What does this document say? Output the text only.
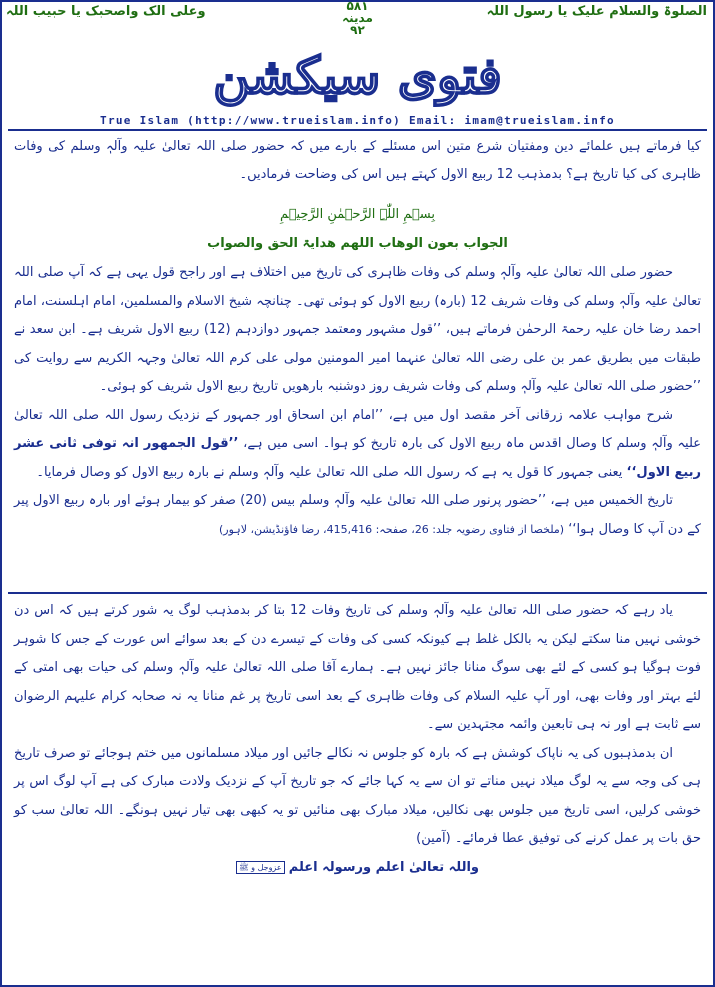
الصلوۃ والسلام علیک یا رسول اللہ
وعلی الک واصحبک یا حبیب اللہ	۵۸۱
مدینہ
۹۲
فتوی سیکشن
True Islam (http://www.trueislam.info) Email: imam@trueislam.info
کیا فرماتے ہیں علمائے دین ومفتیان شرع متین اس مسئلے کے بارے میں کہ حضور صلی اللہ تعالیٰ علیہ وآلہٖ وسلم کی وفات ظاہری کی کیا تاریخ ہے؟ بدمذہب 12 ربیع الاول کہتے ہیں اس کی وضاحت فرمادیں۔
بِسۡمِ اللّٰہِ الرَّحۡمٰنِ الرَّحِیۡمِ
الجواب بعون الوھاب اللھم ھدایۃ الحق والصواب

حضور صلی اللہ تعالیٰ علیہ وآلہٖ وسلم کی وفات ظاہری کی تاریخ میں اختلاف ہے اور راجح قول یہی ہے کہ آپ صلی اللہ تعالیٰ علیہ وآلہٖ وسلم کی وفات شریف 12 (بارہ) ربیع الاول کو ہوئی تھی۔ چنانچہ شیخ الاسلام والمسلمین، امام اہلسنت، امام احمد رضا خان علیہ رحمۃ الرحمٰن فرماتے ہیں، ’’قول مشہور ومعتمد جمہور دوازدہم (12) ربیع الاول شریف ہے۔ ابن سعد نے طبقات میں بطریق عمر بن علی رضی اللہ تعالیٰ عنہما امیر المومنین مولی علی کرم اللہ تعالیٰ وجہہ الکریم سے روایت کی ’’حضور صلی اللہ تعالیٰ علیہ وآلہٖ وسلم کی وفات شریف روز دوشنبہ بارھویں تاریخ ربیع الاول شریف کو ہوئی۔

شرح مواہب علامہ زرقانی آخر مقصد اول میں ہے، ’’امام ابن اسحاق اور جمہور کے نزدیک رسول اللہ صلی اللہ تعالیٰ علیہ وآلہٖ وسلم کا وصال اقدس ماہ ربیع الاول کی بارہ تاریخ کو ہوا۔ اسی میں ہے، ’’قول الجمھور انہ توفی ثانی عشر ربیع الاول‘‘ یعنی جمہور کا قول یہ ہے کہ رسول اللہ صلی اللہ تعالیٰ علیہ وآلہٖ وسلم نے بارہ ربیع الاول کو وصال فرمایا۔

تاریخ الخمیس میں ہے، ’’حضور پرنور صلی اللہ تعالیٰ علیہ وآلہٖ وسلم بیس (20) صفر کو بیمار ہوئے اور بارہ ربیع الاول پیر کے دن آپ کا وصال ہوا‘‘ (ملخصا از فتاوی رضویہ جلد: 26، صفحہ: 415,416، رضا فاؤنڈیشن، لاہور)

یاد رہے کہ حضور صلی اللہ تعالیٰ علیہ وآلہٖ وسلم کی تاریخ وفات 12 بتا کر بدمذہب لوگ یہ شور کرتے ہیں کہ اس دن خوشی نہیں منا سکتے لیکن یہ بالکل غلط ہے کیونکہ کسی کی وفات کے تیسرے دن کے بعد سوائے اس عورت کے جس کا شوہر فوت ہوگیا ہو کسی کے لئے بھی سوگ منانا جائز نہیں ہے۔ ہمارے آقا صلی اللہ تعالیٰ علیہ وآلہٖ وسلم کی حیات بھی امتی کے لئے بہتر اور وفات بھی، اور آپ علیہ السلام کی وفات ظاہری کے بعد اسی تاریخ پر غم منانا یہ نہ صحابہ کرام علیہم الرضوان سے ثابت ہے اور نہ ہی تابعین وائمہ مجتہدین سے۔

ان بدمذہبوں کی یہ ناپاک کوشش ہے کہ بارہ کو جلوس نہ نکالے جائیں اور میلاد مسلمانوں میں ختم ہوجائے تو صرف تاریخ ہی کی وجہ سے یہ لوگ میلاد نہیں مناتے تو ان سے یہ کہا جائے کہ جو تاریخ آپ کے نزدیک ولادت مبارک کی ہے آپ لوگ اس پر خوشی کرلیں، اسی تاریخ میں جلوس بھی نکالیں، میلاد مبارک بھی منائیں تو یہ کبھی بھی تیار نہیں ہونگے۔ اللہ تعالیٰ سب کو حق بات پر عمل کرنے کی توفیق عطا فرمائے۔ (آمین)

واللہ تعالیٰ اعلم ورسولہ اعلم عزوجل و ﷺ
